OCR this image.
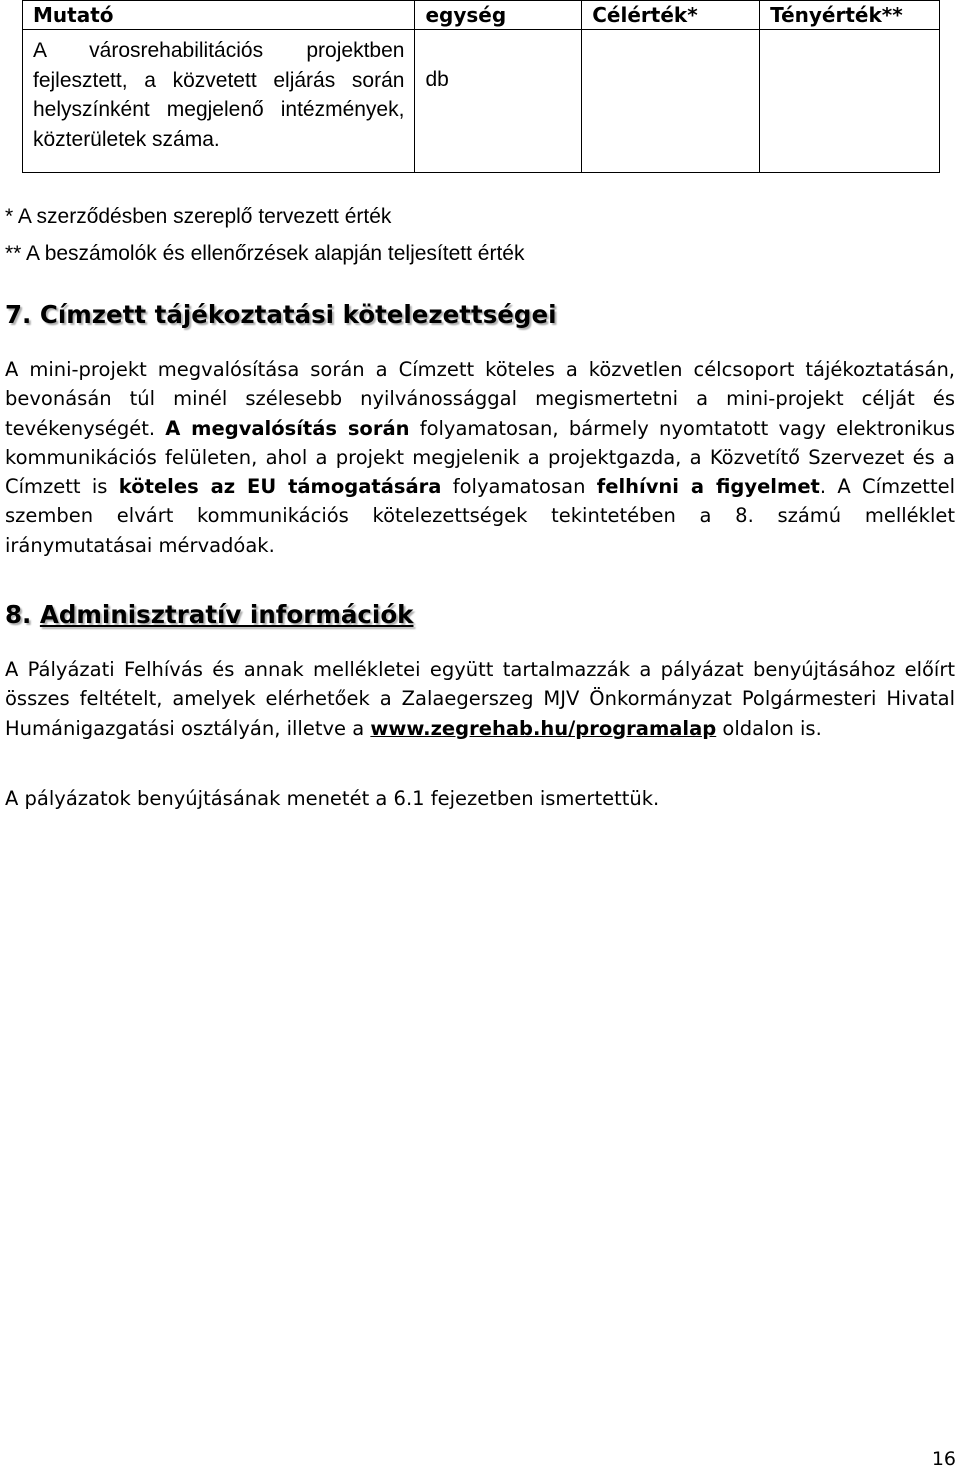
Mutató	egység	Célérték*	Tényérték**

A városrehabilitációs projektben fejlesztett, a közvetett eljárás során helyszínként megjelenő intézmények, közterületek száma.	db		

* A szerződésben szereplő tervezett érték
** A beszámolók és ellenőrzések alapján teljesített érték
7. Címzett tájékoztatási kötelezettségei
A mini-projekt megvalósítása során a Címzett köteles a közvetlen célcsoport tájékoztatásán, bevonásán túl minél szélesebb nyilvánossággal megismertetni a mini-projekt célját és tevékenységét. A megvalósítás során folyamatosan, bármely nyomtatott vagy elektronikus kommunikációs felületen, ahol a projekt megjelenik a projektgazda, a Közvetítő Szervezet és a Címzett is köteles az EU támogatására folyamatosan felhívni a figyelmet. A Címzettel szemben elvárt kommunikációs kötelezettségek tekintetében a 8. számú melléklet iránymutatásai mérvadóak.
8. Adminisztratív információk
A Pályázati Felhívás és annak mellékletei együtt tartalmazzák a pályázat benyújtásához előírt összes feltételt, amelyek elérhetőek a Zalaegerszeg MJV Önkormányzat Polgármesteri Hivatal Humánigazgatási osztályán, illetve a www.zegrehab.hu/programalap oldalon is.
A pályázatok benyújtásának menetét a 6.1 fejezetben ismertettük.
16
